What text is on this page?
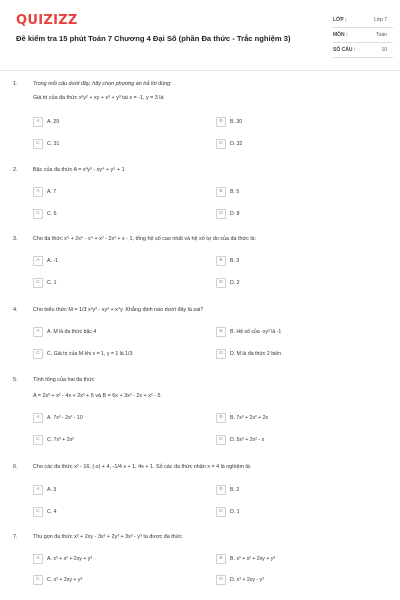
QUIZIZZ
Đề kiểm tra 15 phút Toán 7 Chương 4 Đại Số (phần Đa thức - Trắc nghiệm 3)
LỚP :	Lớp 7
MÔN :	Toán
SỐ CÂU :	10
1.	Trong mỗi câu dưới đây, hãy chọn phương án trả lời đúng:
Giá trị của đa thức x²y² + xy + x³ + y³ tại x = -1, y = 3 là
A	A. 29	B	B. 30
C	C. 31	D	D. 32
2.	Bậc của đa thức A = x³y³ - xy⁴ + y⁵ + 1
A	A. 7	B	B. 5
C	C. 6	D	D. 8
3.	Cho đa thức x⁵ + 2x⁵ - x⁴ + x² - 2x³ + x - 1, tổng hệ số cao nhất và hệ số tự do của đa thức là:
A	A. -1	B	B. 3
C	C. 1	D	D. 2
4.	Cho biểu thức M = 1/3 x²y³ - xy³ + x⁴y. Khẳng định nào dưới đây là sai?
A	A. M là đa thức bậc 4	B	B. Hệ số của -xy³ là -1
C	C. Giá trị của M khi x = 1, y = 1 là 1/3	D	D. M là đa thức 2 biến
5.	Tính tổng của hai đa thức
A = 2x³ + x² - 4x + 2x³ + 5 và B = 6x + 3x³ - 2x + x² - 5
A	A. 7x³ - 2x² - 10	B	B. 7x³ + 2x² + 2x
C	C. 7x³ + 2x²	D	D. 5x³ + 2x² - x
6.	Cho các đa thức x² - 16, (-x) + 4, -1/4 x + 1, 4x + 1. Số các đa thức nhận x = 4 là nghiệm là:
A	A. 3	B	B. 2
C	C. 4	D	D. 1
7.	Thu gọn đa thức x³ + 2xy - 3x³ + 2y³ + 3x³ - y³ ta được đa thức
A	A. x³ + x² + 2xy + y³	B	B. x³ + x² + 2xy + y³
C	C. x³ + 2xy + y³	D	D. x³ + 2xy - y³
